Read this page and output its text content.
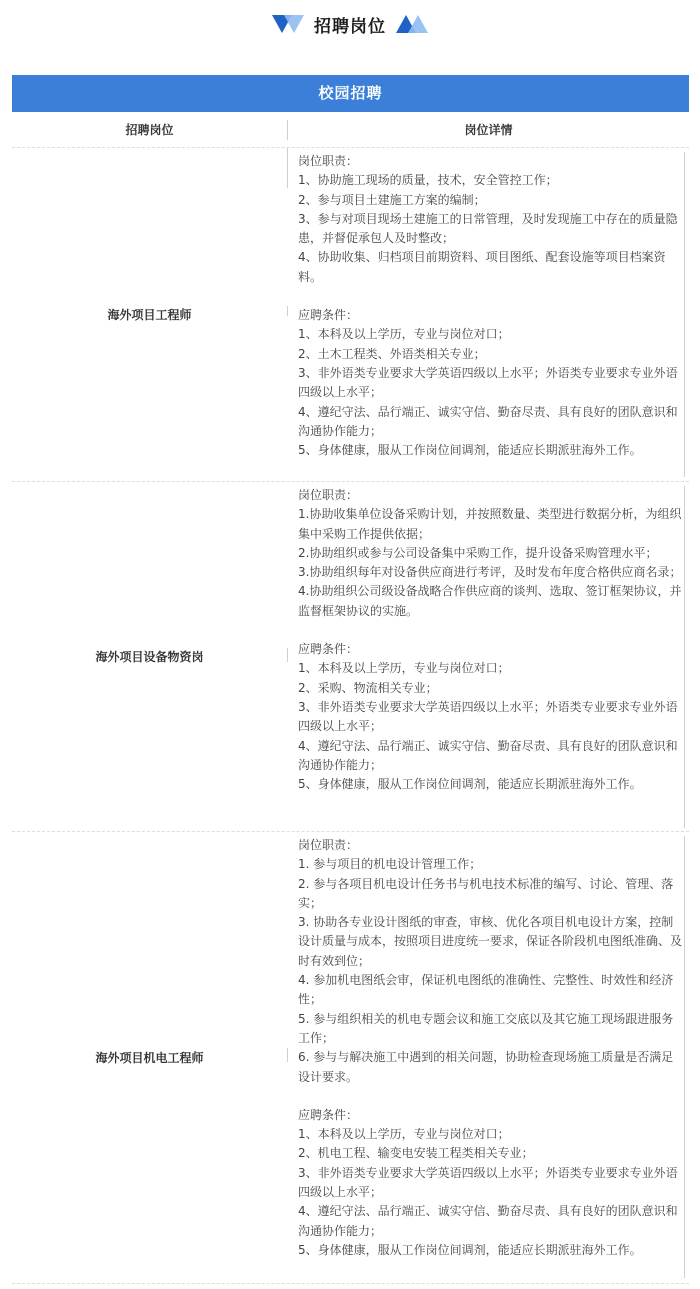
招聘岗位
校园招聘
招聘岗位	岗位详情
海外项目工程师

岗位职责：

1、协助施工现场的质量，技术，安全管控工作；

2、参与项目土建施工方案的编制；

3、参与对项目现场土建施工的日常管理，及时发现施工中存在的质量隐患，并督促承包人及时整改；

4、协助收集、归档项目前期资料、项目图纸、配套设施等项目档案资料。

应聘条件：

1、本科及以上学历，专业与岗位对口；

2、土木工程类、外语类相关专业；

3、非外语类专业要求大学英语四级以上水平；外语类专业要求专业外语四级以上水平；

4、遵纪守法、品行端正、诚实守信、勤奋尽责、具有良好的团队意识和沟通协作能力；

5、身体健康，服从工作岗位间调剂，能适应长期派驻海外工作。

海外项目设备物资岗

岗位职责：

1.协助收集单位设备采购计划，并按照数量、类型进行数据分析，为组织集中采购工作提供依据；

2.协助组织或参与公司设备集中采购工作，提升设备采购管理水平；

3.协助组织每年对设备供应商进行考评，及时发布年度合格供应商名录；

4.协助组织公司级设备战略合作供应商的谈判、选取、签订框架协议，并监督框架协议的实施。

应聘条件：

1、本科及以上学历，专业与岗位对口；

2、采购、物流相关专业；

3、非外语类专业要求大学英语四级以上水平；外语类专业要求专业外语四级以上水平；

4、遵纪守法、品行端正、诚实守信、勤奋尽责、具有良好的团队意识和沟通协作能力；

5、身体健康，服从工作岗位间调剂，能适应长期派驻海外工作。

海外项目机电工程师

岗位职责：

1. 参与项目的机电设计管理工作；

2. 参与各项目机电设计任务书与机电技术标准的编写、讨论、管理、落实；

3. 协助各专业设计图纸的审查，审核、优化各项目机电设计方案，控制设计质量与成本，按照项目进度统一要求，保证各阶段机电图纸准确、及时有效到位；

4. 参加机电图纸会审，保证机电图纸的准确性、完整性、时效性和经济性；

5. 参与组织相关的机电专题会议和施工交底以及其它施工现场跟进服务工作；

6. 参与与解决施工中遇到的相关问题，协助检查现场施工质量是否满足设计要求。

应聘条件：

1、本科及以上学历，专业与岗位对口；

2、机电工程、输变电安装工程类相关专业；

3、非外语类专业要求大学英语四级以上水平；外语类专业要求专业外语四级以上水平；

4、遵纪守法、品行端正、诚实守信、勤奋尽责、具有良好的团队意识和沟通协作能力；

5、身体健康，服从工作岗位间调剂，能适应长期派驻海外工作。
